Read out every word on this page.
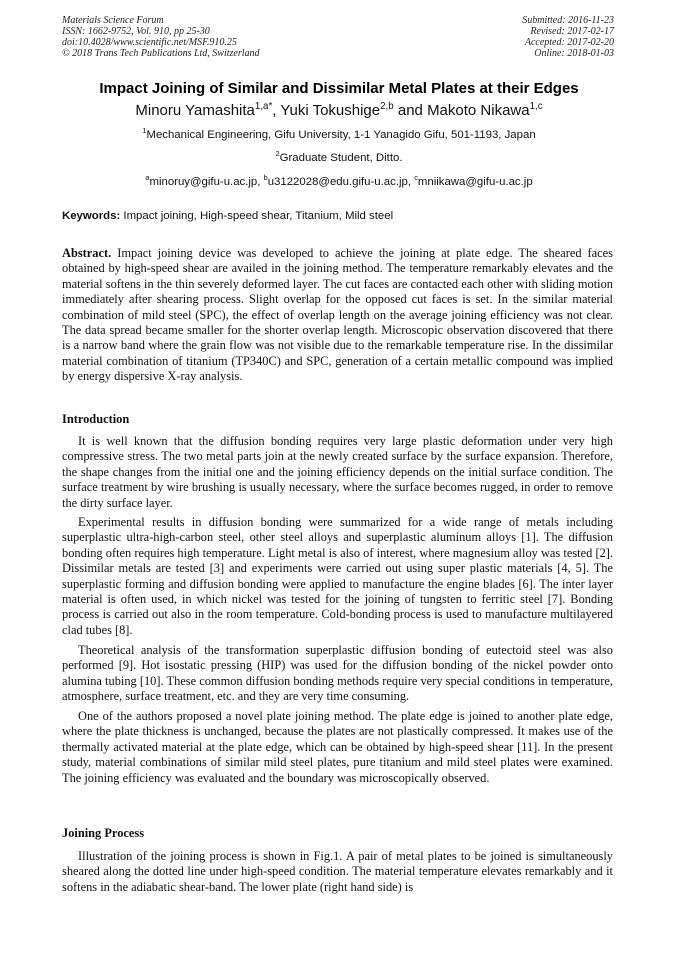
Materials Science Forum
ISSN: 1662-9752, Vol. 910, pp 25-30
doi:10.4028/www.scientific.net/MSF.910.25
© 2018 Trans Tech Publications Ltd, Switzerland
Submitted: 2016-11-23
Revised: 2017-02-17
Accepted: 2017-02-20
Online: 2018-01-03
Impact Joining of Similar and Dissimilar Metal Plates at their Edges
Minoru Yamashita$^{1,a*}$, Yuki Tokushige$^{2,b}$ and Makoto Nikawa$^{1,c}$
$^1$Mechanical Engineering, Gifu University, 1-1 Yanagido Gifu, 501-1193, Japan
$^2$Graduate Student, Ditto.
$^a$minoruy@gifu-u.ac.jp, $^b$u3122028@edu.gifu-u.ac.jp, $^c$mniikawa@gifu-u.ac.jp
Keywords: Impact joining, High-speed shear, Titanium, Mild steel

Abstract. Impact joining device was developed to achieve the joining at plate edge. The sheared faces obtained by high-speed shear are availed in the joining method. The temperature remarkably elevates and the material softens in the thin severely deformed layer. The cut faces are contacted each other with sliding motion immediately after shearing process. Slight overlap for the opposed cut faces is set. In the similar material combination of mild steel (SPC), the effect of overlap length on the average joining efficiency was not clear. The data spread became smaller for the shorter overlap length. Microscopic observation discovered that there is a narrow band where the grain flow was not visible due to the remarkable temperature rise. In the dissimilar material combination of titanium (TP340C) and SPC, generation of a certain metallic compound was implied by energy dispersive X-ray analysis.

Introduction

It is well known that the diffusion bonding requires very large plastic deformation under very high compressive stress. The two metal parts join at the newly created surface by the surface expansion. Therefore, the shape changes from the initial one and the joining efficiency depends on the initial surface condition. The surface treatment by wire brushing is usually necessary, where the surface becomes rugged, in order to remove the dirty surface layer.

Experimental results in diffusion bonding were summarized for a wide range of metals including superplastic ultra-high-carbon steel, other steel alloys and superplastic aluminum alloys [1]. The diffusion bonding often requires high temperature. Light metal is also of interest, where magnesium alloy was tested [2]. Dissimilar metals are tested [3] and experiments were carried out using super plastic materials [4, 5]. The superplastic forming and diffusion bonding were applied to manufacture the engine blades [6]. The inter layer material is often used, in which nickel was tested for the joining of tungsten to ferritic steel [7]. Bonding process is carried out also in the room temperature. Cold-bonding process is used to manufacture multilayered clad tubes [8].

Theoretical analysis of the transformation superplastic diffusion bonding of eutectoid steel was also performed [9]. Hot isostatic pressing (HIP) was used for the diffusion bonding of the nickel powder onto alumina tubing [10]. These common diffusion bonding methods require very special conditions in temperature, atmosphere, surface treatment, etc. and they are very time consuming.

One of the authors proposed a novel plate joining method. The plate edge is joined to another plate edge, where the plate thickness is unchanged, because the plates are not plastically compressed. It makes use of the thermally activated material at the plate edge, which can be obtained by high-speed shear [11]. In the present study, material combinations of similar mild steel plates, pure titanium and mild steel plates were examined. The joining efficiency was evaluated and the boundary was microscopically observed.

Joining Process

Illustration of the joining process is shown in Fig.1. A pair of metal plates to be joined is simultaneously sheared along the dotted line under high-speed condition. The material temperature elevates remarkably and it softens in the adiabatic shear-band. The lower plate (right hand side) is
